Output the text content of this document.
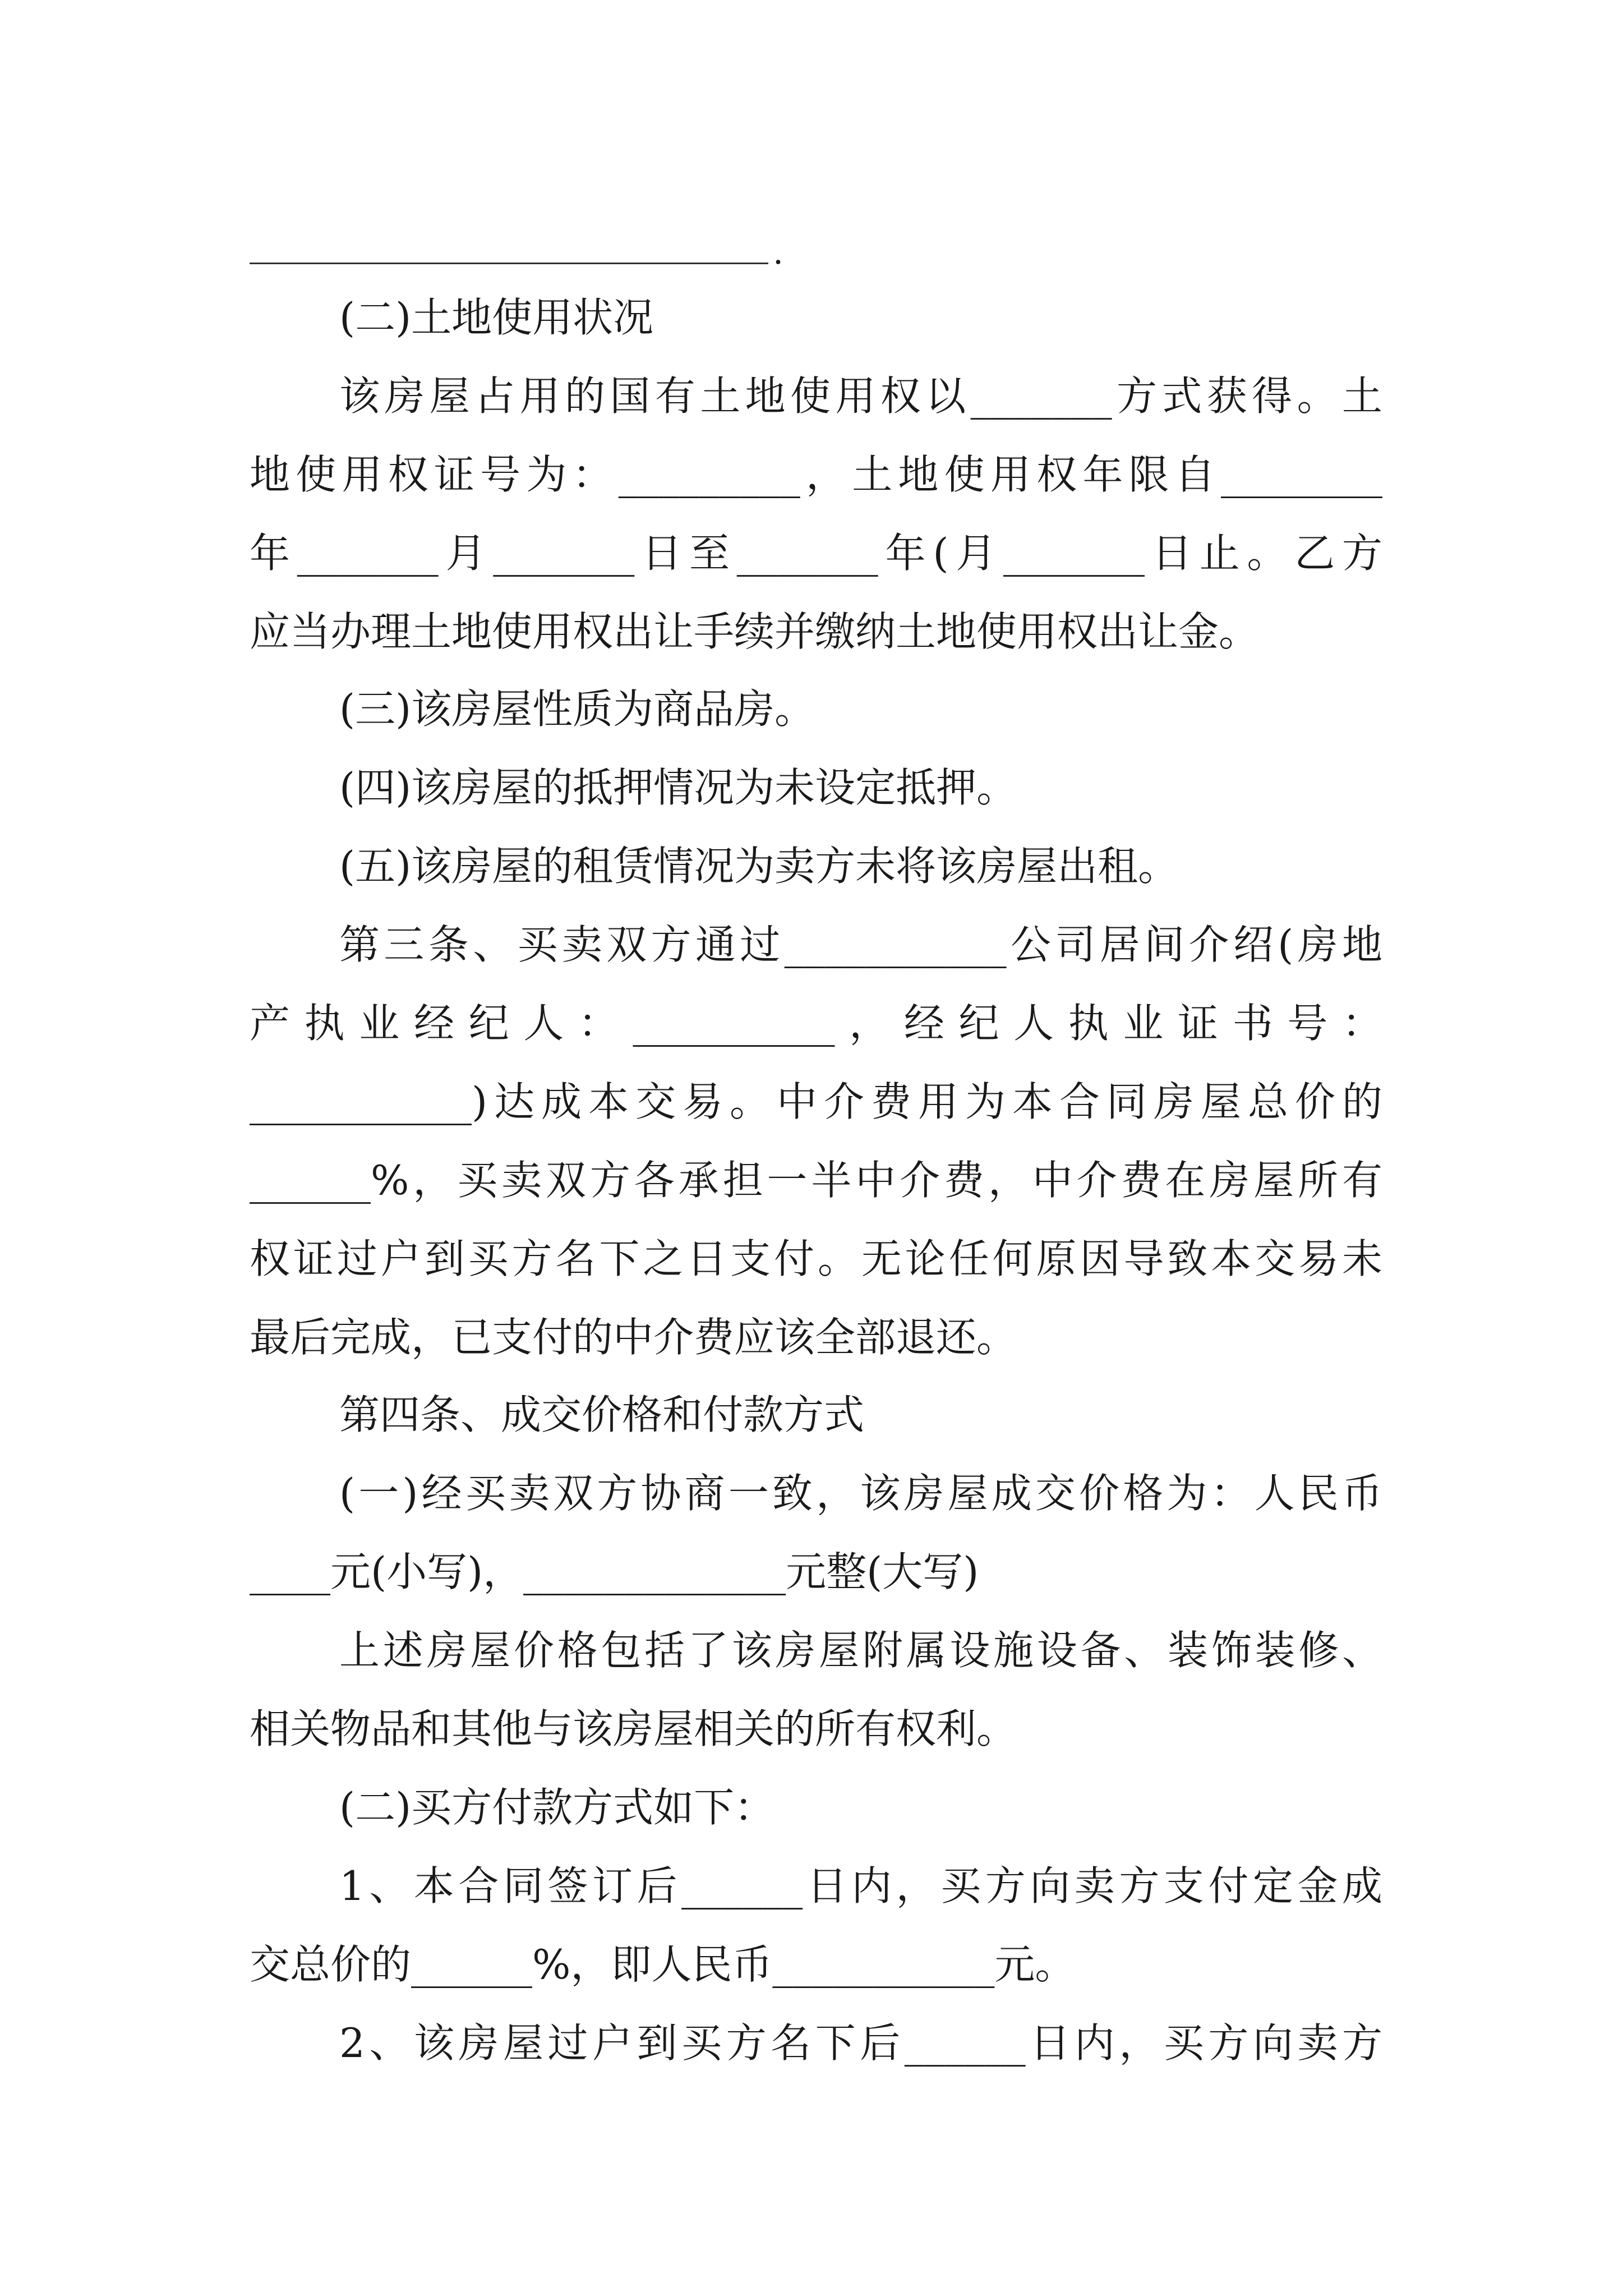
.
(二)土地使用状况
该房屋占用的国有土地使用权以_______方式获得。土
地使用权证号为：_________，土地使用权年限自________
年_______月_______日至_______年(月_______日止。乙方
应当办理土地使用权出让手续并缴纳土地使用权出让金。
(三)该房屋性质为商品房。
(四)该房屋的抵押情况为未设定抵押。
(五)该房屋的租赁情况为卖方未将该房屋出租。
第三条、买卖双方通过___________公司居间介绍(房地
产执业经纪人：__________，经纪人执业证书号：
___________)达成本交易。中介费用为本合同房屋总价的
______%，买卖双方各承担一半中介费，中介费在房屋所有
权证过户到买方名下之日支付。无论任何原因导致本交易未
最后完成，已支付的中介费应该全部退还。
第四条、成交价格和付款方式
(一)经买卖双方协商一致，该房屋成交价格为：人民币
____元(小写)，_____________元整(大写)
上述房屋价格包括了该房屋附属设施设备、装饰装修、
相关物品和其他与该房屋相关的所有权利。
(二)买方付款方式如下：
1、本合同签订后______日内，买方向卖方支付定金成
交总价的______%，即人民币___________元。
2、该房屋过户到买方名下后______日内，买方向卖方
